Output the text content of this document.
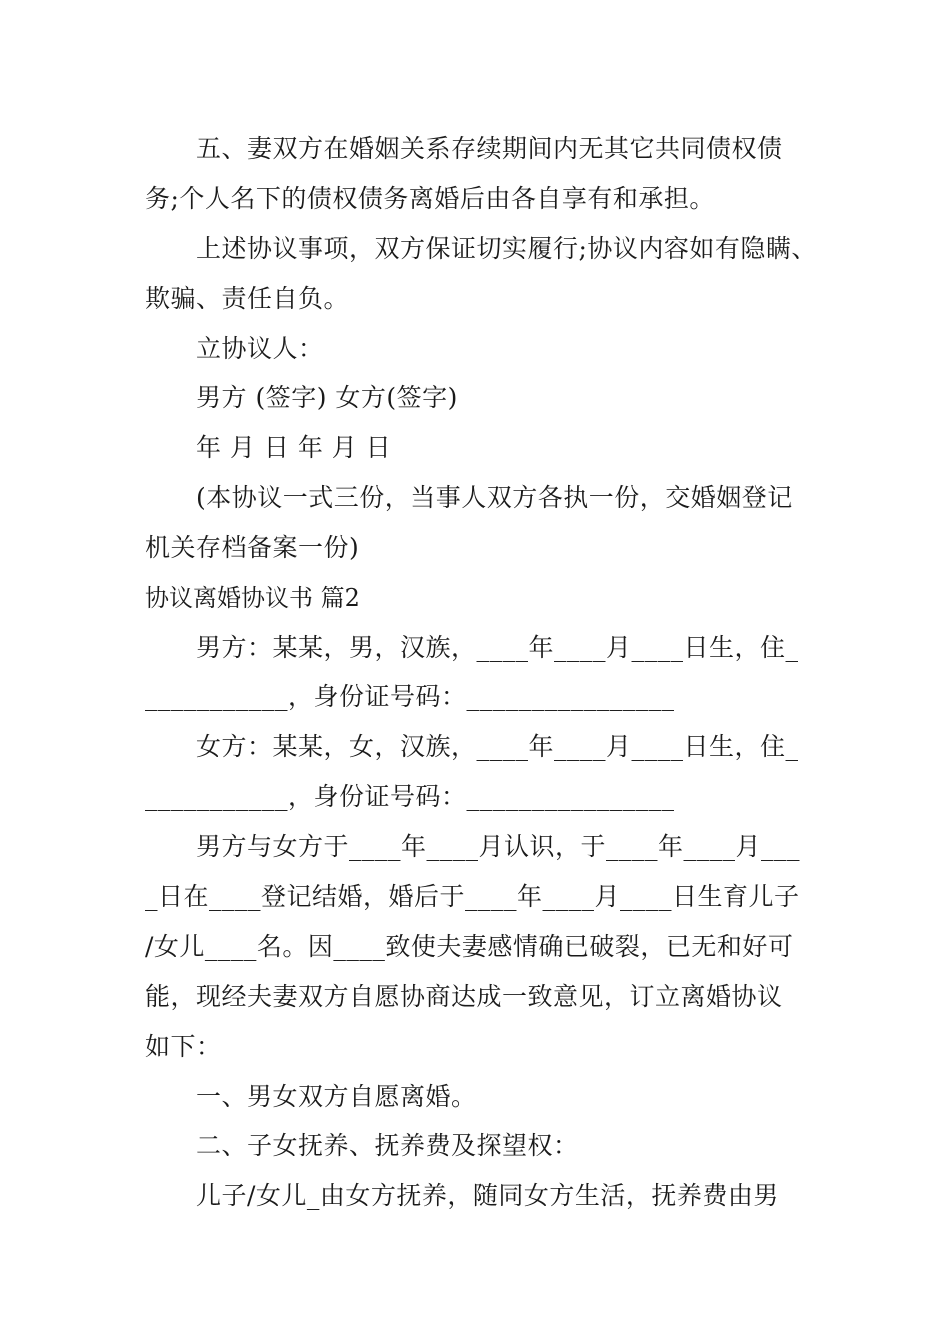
五、妻双方在婚姻关系存续期间内无其它共同债权债
务;个人名下的债权债务离婚后由各自享有和承担。
上述协议事项，双方保证切实履行;协议内容如有隐瞒、
欺骗、责任自负。
立协议人：
男方 (签字) 女方(签字)
年 月 日 年 月 日
(本协议一式三份，当事人双方各执一份，交婚姻登记
机关存档备案一份)
协议离婚协议书 篇2
男方：某某，男，汉族，____年____月____日生，住_
___________，身份证号码：________________
女方：某某，女，汉族，____年____月____日生，住_
___________，身份证号码：________________
男方与女方于____年____月认识，于____年____月___
_日在____登记结婚，婚后于____年____月____日生育儿子
/女儿____名。因____致使夫妻感情确已破裂，已无和好可
能，现经夫妻双方自愿协商达成一致意见，订立离婚协议
如下：
一、男女双方自愿离婚。
二、子女抚养、抚养费及探望权：
儿子/女儿_由女方抚养，随同女方生活，抚养费由男
